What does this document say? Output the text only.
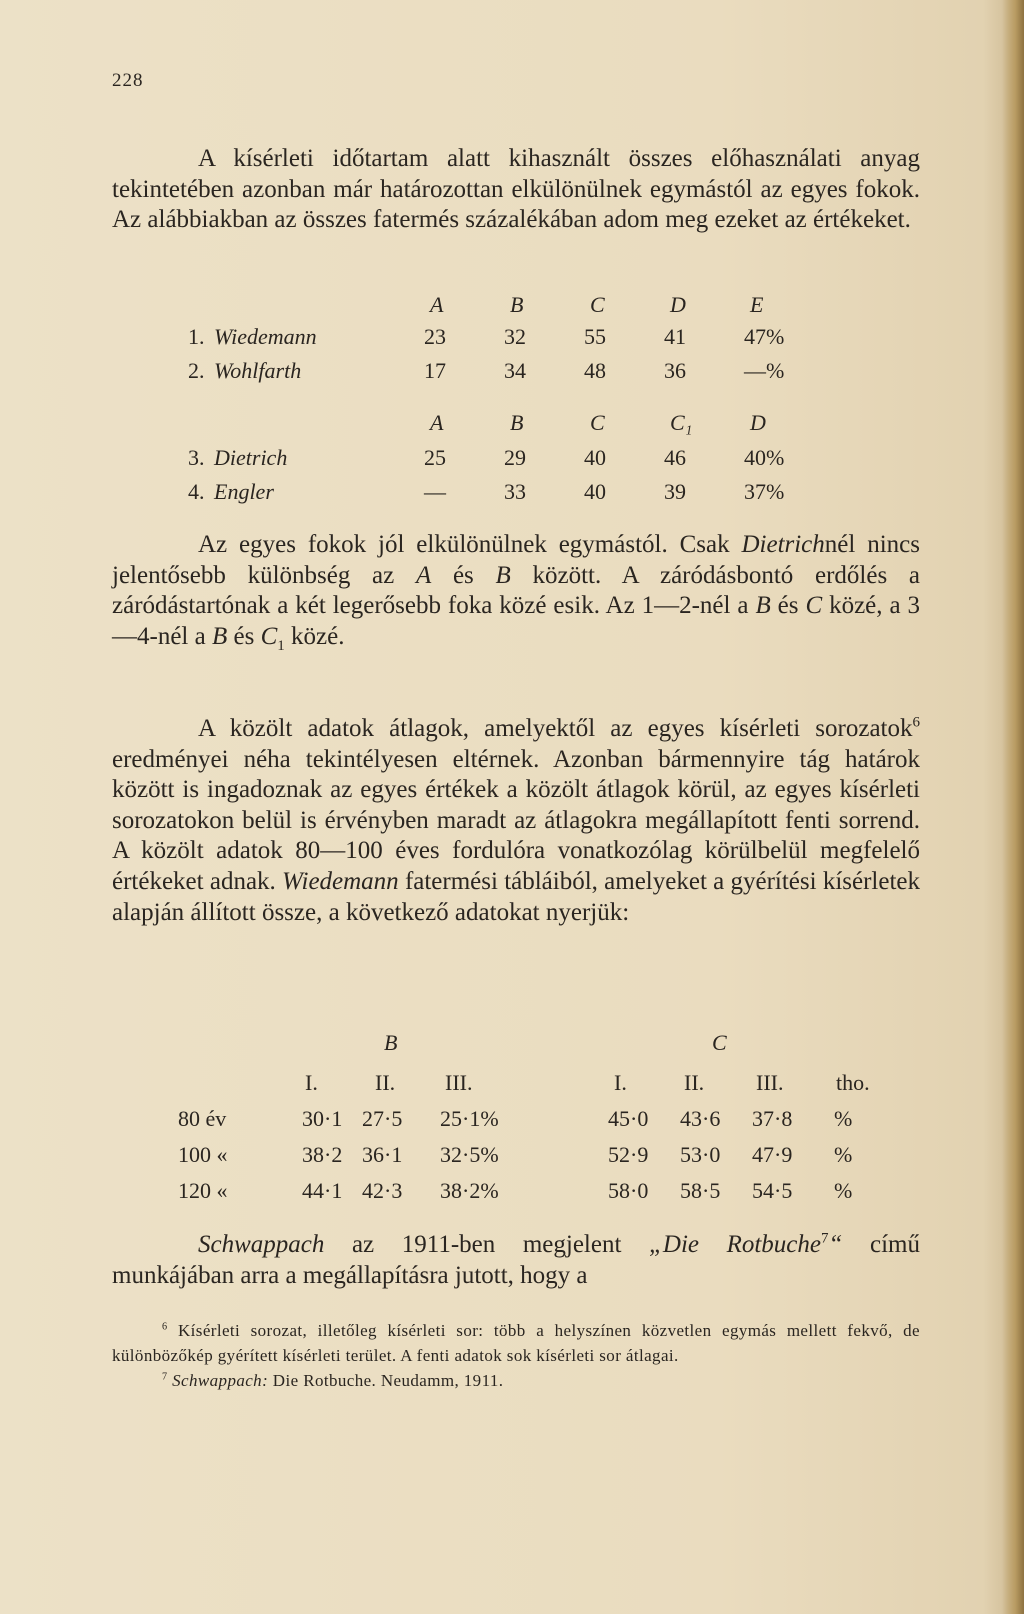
228

A kísérleti időtartam alatt kihasznált összes előhasználati anyag tekintetében azonban már határozottan elkülönülnek egymástól az egyes fokok. Az alábbiakban az összes fatermés százalékában adom meg ezeket az értékeket.

A	B	C	D	E
1. Wiedemann	23	32	55	41	47%
2. Wohlfarth	17	34	48	36	—%
A	B	C	C₁	D
3. Dietrich	25	29	40	46	40%
4. Engler	—	33	40	39	37%

Az egyes fokok jól elkülönülnek egymástól. Csak Dietrichnél nincs jelentősebb különbség az A és B között. A záródásbontó erdőlés a záródástartónak a két legerősebb foka közé esik. Az 1—2-nél a B és C közé, a 3—4-nél a B és $C_1$ közé.

A közölt adatok átlagok, amelyektől az egyes kísérleti sorozatok$^6$ eredményei néha tekintélyesen eltérnek. Azonban bármennyire tág határok között is ingadoznak az egyes értékek a közölt átlagok körül, az egyes kísérleti sorozatokon belül is érvényben maradt az átlagokra megállapított fenti sorrend. A közölt adatok 80—100 éves fordulóra vonatkozólag körülbelül megfelelő értékeket adnak. Wiedemann fatermési tábláiból, amelyeket a gyérítési kísérletek alapján állított össze, a következő adatokat nyerjük:

B	C
I.	II. III.	I.	II. III. tho.
80 év	30·1 27·5 25·1%	45·0 43·6 37·8 %
100 «	38·2 36·1 32·5%	52·9 53·0 47·9 %
120 «	44·1 42·3 38·2%	58·0 58·5 54·5 %

Schwappach az 1911-ben megjelent „Die Rotbuche$^7$“ című munkájában arra a megállapításra jutott, hogy a

$^6$ Kísérleti sorozat, illetőleg kísérleti sor: több a helyszínen közvetlen egymás mellett fekvő, de különbözőkép gyérített kísérleti terület. A fenti adatok sok kísérleti sor átlagai.

$^7$ Schwappach: Die Rotbuche. Neudamm, 1911.
